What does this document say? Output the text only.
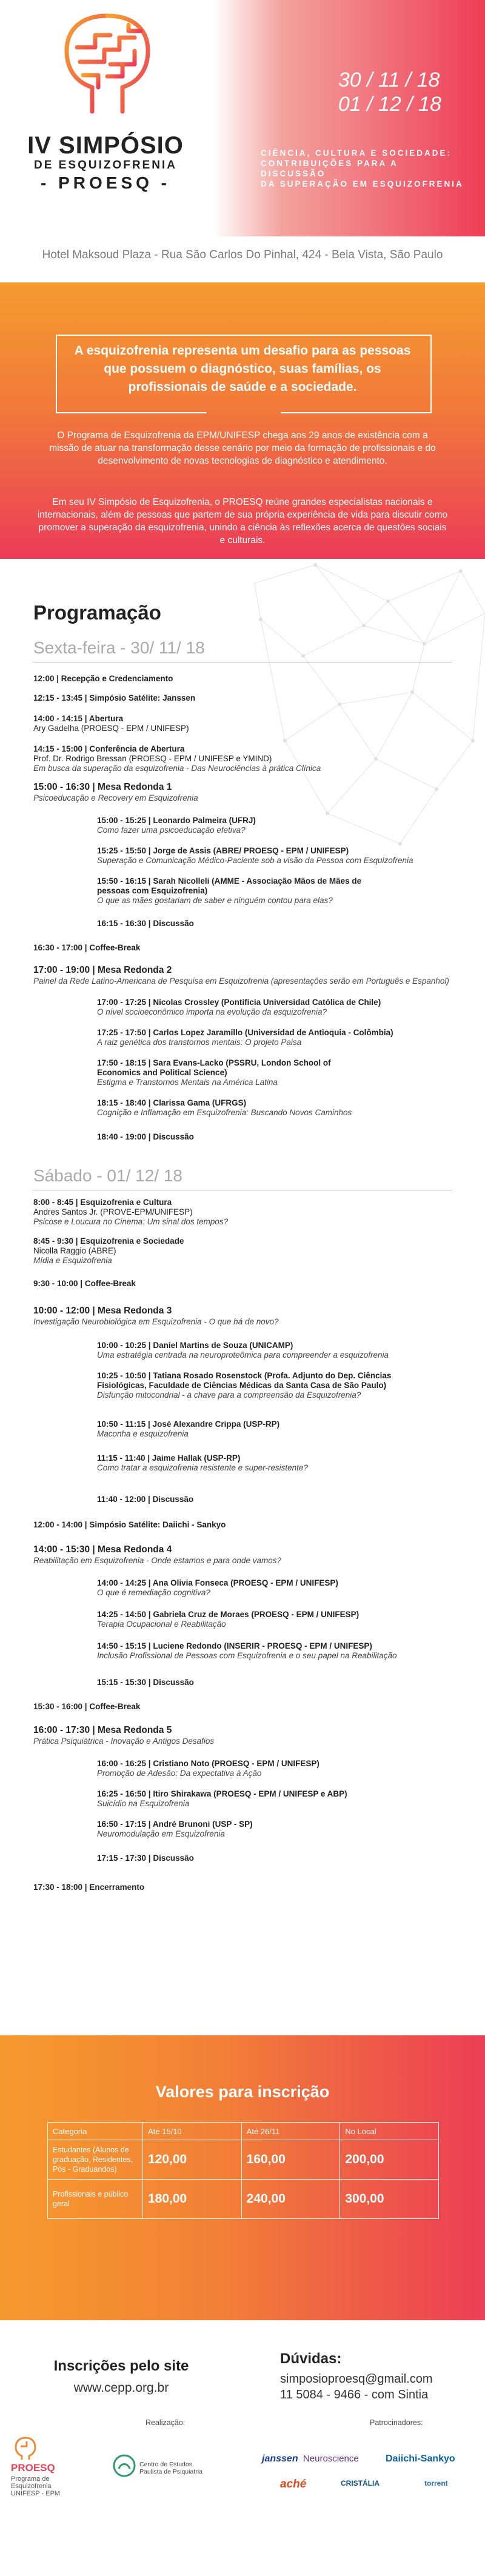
IV SIMPÓSIO
DE ESQUIZOFRENIA
- PROESQ -
30 / 11 / 18
01 / 12 / 18
CIÊNCIA, CULTURA E SOCIEDADE:
CONTRIBUIÇÕES PARA A DISCUSSÃO
DA SUPERAÇÃO EM ESQUIZOFRENIA
Hotel Maksoud Plaza - Rua São Carlos Do Pinhal, 424 - Bela Vista, São Paulo
A esquizofrenia representa um desafio para as pessoas que possuem o diagnóstico, suas famílias, os profissionais de saúde e a sociedade.
O Programa de Esquizofrenia da EPM/UNIFESP chega aos 29 anos de existência com a missão de atuar na transformação desse cenário por meio da formação de profissionais e do desenvolvimento de novas tecnologias de diagnóstico e atendimento.
Em seu IV Simpósio de Esquizofrenia, o PROESQ reúne grandes especialistas nacionais e internacionais, além de pessoas que partem de sua própria experiência de vida para discutir como promover a superação da esquizofrenia, unindo a ciência às reflexões acerca de questões sociais e culturais.
Programação
Sexta-feira - 30/ 11/ 18
12:00 | Recepção e Credenciamento
12:15 - 13:45 | Simpósio Satélite: Janssen
14:00 - 14:15 | Abertura
Ary Gadelha (PROESQ - EPM / UNIFESP)
14:15 - 15:00 | Conferência de Abertura
Prof. Dr. Rodrigo Bressan (PROESQ - EPM / UNIFESP e YMIND)
Em busca da superação da esquizofrenia - Das Neurociências à prática Clínica
15:00 - 16:30 | Mesa Redonda 1
Psicoeducação e Recovery em Esquizofrenia
15:00 - 15:25 | Leonardo Palmeira (UFRJ)
Como fazer uma psicoeducação efetiva?
15:25 - 15:50 | Jorge de Assis (ABRE/ PROESQ - EPM / UNIFESP)
Superação e Comunicação Médico-Paciente sob a visão da Pessoa com Esquizofrenia
15:50 - 16:15 | Sarah Nicolleli (AMME - Associação Mãos de Mães de pessoas com Esquizofrenia)
O que as mães gostariam de saber e ninguém contou para elas?
16:15 - 16:30 | Discussão
16:30 - 17:00 | Coffee-Break
17:00 - 19:00 | Mesa Redonda 2
Painel da Rede Latino-Americana de Pesquisa em Esquizofrenia (apresentações serão em Português e Espanhol)
17:00 - 17:25 | Nicolas Crossley (Pontificia Universidad Católica de Chile)
O nível socioeconômico importa na evolução da esquizofrenia?
17:25 - 17:50 | Carlos Lopez Jaramillo (Universidad de Antioquia - Colômbia)
A raiz genética dos transtornos mentais: O projeto Paisa
17:50 - 18:15 | Sara Evans-Lacko (PSSRU, London School of Economics and Political Science)
Estigma e Transtornos Mentais na América Latina
18:15 - 18:40 | Clarissa Gama (UFRGS)
Cognição e Inflamação em Esquizofrenia: Buscando Novos Caminhos
18:40 - 19:00 | Discussão
Sábado - 01/ 12/ 18
8:00 - 8:45 | Esquizofrenia e Cultura
Andres Santos Jr. (PROVE-EPM/UNIFESP)
Psicose e Loucura no Cinema: Um sinal dos tempos?
8:45 - 9:30 | Esquizofrenia e Sociedade
Nicolla Raggio (ABRE)
Mídia e Esquizofrenia
9:30 - 10:00 | Coffee-Break
10:00 - 12:00 | Mesa Redonda 3
Investigação Neurobiológica em Esquizofrenia - O que há de novo?
10:00 - 10:25 | Daniel Martins de Souza (UNICAMP)
Uma estratégia centrada na neuroproteômica para compreender a esquizofrenia
10:25 - 10:50 | Tatiana Rosado Rosenstock (Profa. Adjunto do Dep. Ciências Fisiológicas, Faculdade de Ciências Médicas da Santa Casa de São Paulo)
Disfunção mitocondrial - a chave para a compreensão da Esquizofrenia?
10:50 - 11:15 | José Alexandre Crippa (USP-RP)
Maconha e esquizofrenia
11:15 - 11:40 | Jaime Hallak (USP-RP)
Como tratar a esquizofrenia resistente e super-resistente?
11:40 - 12:00 | Discussão
12:00 - 14:00 | Simpósio Satélite: Daiichi - Sankyo
14:00 - 15:30 | Mesa Redonda 4
Reabilitação em Esquizofrenia - Onde estamos e para onde vamos?
14:00 - 14:25 | Ana Olivia Fonseca (PROESQ - EPM / UNIFESP)
O que é remediação cognitiva?
14:25 - 14:50 | Gabriela Cruz de Moraes (PROESQ - EPM / UNIFESP)
Terapia Ocupacional e Reabilitação
14:50 - 15:15 | Luciene Redondo (INSERIR - PROESQ - EPM / UNIFESP)
Inclusão Profissional de Pessoas com Esquizofrenia e o seu papel na Reabilitação
15:15 - 15:30 | Discussão
15:30 - 16:00 | Coffee-Break
16:00 - 17:30 | Mesa Redonda 5
Prática Psiquiátrica - Inovação e Antigos Desafios
16:00 - 16:25 | Cristiano Noto (PROESQ - EPM / UNIFESP)
Promoção de Adesão: Da expectativa à Ação
16:25 - 16:50 | Itiro Shirakawa (PROESQ - EPM / UNIFESP e ABP)
Suicídio na Esquizofrenia
16:50 - 17:15 | André Brunoni (USP - SP)
Neuromodulação em Esquizofrenia
17:15 - 17:30 | Discussão
17:30 - 18:00 | Encerramento
Valores para inscrição
Categoria	Até 15/10	Até 26/11	No Local
Estudantes (Alunos de graduação, Residentes, Pós - Graduandos)	120,00	160,00	200,00
Profissionais e público geral	180,00	240,00	300,00
Inscrições pelo site
www.cepp.org.br
Dúvidas:
simposioproesq@gmail.com
11 5084 - 9466 - com Sintia
Realização:	Patrocinadores:
PROESQ
Programa de
Esquizofrenia
UNIFESP - EPM
Centro de Estudos
Paulista de Psiquiatria
janssen Neuroscience	Daiichi-Sankyo
aché	CRISTÁLIA	torrent
